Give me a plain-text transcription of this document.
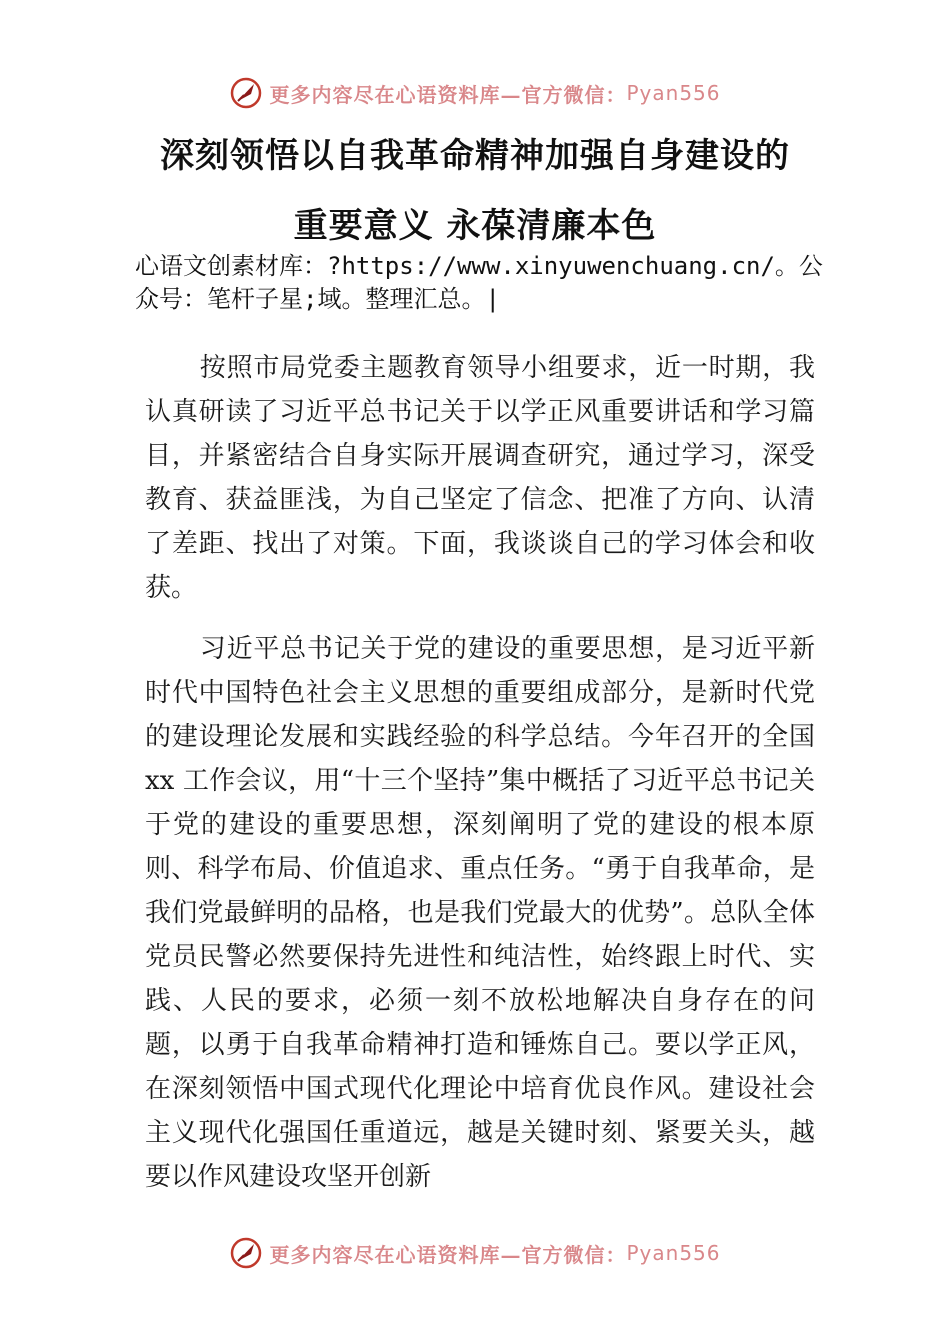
更多内容尽在心语资料库—官方微信： Pyan556
深刻领悟以自我革命精神加强自身建设的
重要意义 永葆清廉本色
心语文创素材库：?https://www.xinyuwenchuang.cn/。公众号：笔杆子星;域。整理汇总。|
按照市局党委主题教育领导小组要求，近一时期，我认真研读了习近平总书记关于以学正风重要讲话和学习篇目，并紧密结合自身实际开展调查研究，通过学习，深受教育、获益匪浅，为自己坚定了信念、把准了方向、认清了差距、找出了对策。下面，我谈谈自己的学习体会和收获。
习近平总书记关于党的建设的重要思想，是习近平新时代中国特色社会主义思想的重要组成部分，是新时代党的建设理论发展和实践经验的科学总结。今年召开的全国 xx 工作会议，用“十三个坚持”集中概括了习近平总书记关于党的建设的重要思想，深刻阐明了党的建设的根本原则、科学布局、价值追求、重点任务。“勇于自我革命，是我们党最鲜明的品格，也是我们党最大的优势”。总队全体党员民警必然要保持先进性和纯洁性，始终跟上时代、实践、人民的要求，必须一刻不放松地解决自身存在的问题，以勇于自我革命精神打造和锤炼自己。要以学正风，在深刻领悟中国式现代化理论中培育优良作风。建设社会主义现代化强国任重道远，越是关键时刻、紧要关头，越要以作风建设攻坚开创新
更多内容尽在心语资料库—官方微信： Pyan556
